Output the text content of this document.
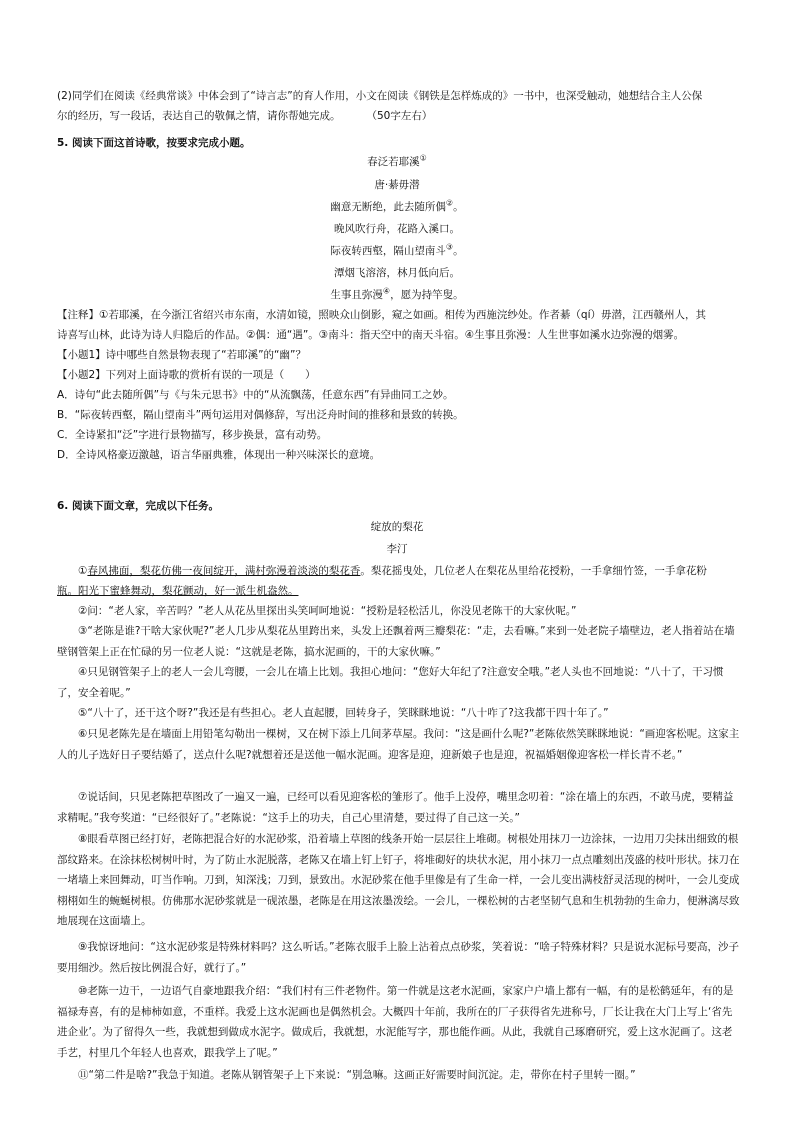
(2)同学们在阅读《经典常谈》中体会到了“诗言志”的育人作用，小文在阅读《钢铁是怎样炼成的》一书中，也深受触动，她想结合主人公保
尔的经历，写一段话，表达自己的敬佩之情，请你帮她完成。 （50字左右）
5. 阅读下面这首诗歌，按要求完成小题。
春泛若耶溪①
唐·綦毋潜
幽意无断绝，此去随所偶②。
晚风吹行舟，花路入溪口。
际夜转西壑，隔山望南斗③。
潭烟飞溶溶，林月低向后。
生事且弥漫④，愿为持竿叟。
【注释】①若耶溪，在今浙江省绍兴市东南，水清如镜，照映众山倒影，窥之如画。相传为西施浣纱处。作者綦（qí）毋潜，江西赣州人，其
诗喜写山林，此诗为诗人归隐后的作品。②偶：通“遇”。③南斗：指天空中的南天斗宿。④生事且弥漫：人生世事如溪水边弥漫的烟雾。
【小题1】诗中哪些自然景物表现了“若耶溪”的“幽”？
【小题2】下列对上面诗歌的赏析有误的一项是（　　）
A．诗句“此去随所偶”与《与朱元思书》中的“从流飘荡，任意东西”有异曲同工之妙。
B．“际夜转西壑，隔山望南斗”两句运用对偶修辞，写出泛舟时间的推移和景致的转换。
C．全诗紧扣“泛”字进行景物描写，移步换景，富有动势。
D．全诗风格豪迈激越，语言华丽典雅，体现出一种兴味深长的意境。
6. 阅读下面文章，完成以下任务。
绽放的梨花
李汀
①春风拂面，梨花仿佛一夜间绽开，满村弥漫着淡淡的梨花香。梨花摇曳处，几位老人在梨花丛里给花授粉，一手拿细竹签，一手拿花粉
瓶。阳光下蜜蜂舞动，梨花颤动，好一派生机盎然。
②问：“老人家，辛苦吗？”老人从花丛里探出头笑呵呵地说：“授粉是轻松活儿，你没见老陈干的大家伙呢。”
③“老陈是谁?干啥大家伙呢?”老人几步从梨花丛里跨出来，头发上还飘着两三瓣梨花：“走，去看嘛。”来到一处老院子墙壁边，老人指着站在墙壁钢管架上正在忙碌的另一位老人说：“这就是老陈，搞水泥画的，干的大家伙嘛。”
④只见钢管架子上的老人一会儿弯腰，一会儿在墙上比划。我担心地问：“您好大年纪了?注意安全哦。”老人头也不回地说：“八十了，干习惯了，安全着呢。”
⑤“八十了，还干这个呀?”我还是有些担心。老人直起腰，回转身子，笑眯眯地说：“八十咋了?这我都干四十年了。”
⑥只见老陈先是在墙面上用铅笔勾勒出一棵树，又在树下添上几间茅草屋。我问：“这是画什么呢?”老陈依然笑眯眯地说：“画迎客松呢。这家主人的儿子选好日子要结婚了，送点什么呢?就想着还是送他一幅水泥画。迎客是迎，迎新娘子也是迎，祝福婚姻像迎客松一样长青不老。”
⑦说话间，只见老陈把草图改了一遍又一遍，已经可以看见迎客松的雏形了。他手上没停，嘴里念叨着：“涂在墙上的东西，不敢马虎，要精益求精呢。”我夸奖道：“已经很好了。”老陈说：“这手上的功夫，自己心里清楚，要过得了自己这一关。”
⑧眼看草图已经打好，老陈把混合好的水泥砂浆，沿着墙上草图的线条开始一层层往上堆砌。树根处用抹刀一边涂抹，一边用刀尖抹出细致的根部纹路来。在涂抹松树树叶时，为了防止水泥脱落，老陈又在墙上钉上钉子，将堆砌好的块状水泥，用小抹刀一点点雕刻出茂盛的枝叶形状。抹刀在一堵墙上来回舞动，叮当作响。刀到，知深浅；刀到，景致出。水泥砂浆在他手里像是有了生命一样，一会儿变出满枝舒灵活现的树叶，一会儿变成栩栩如生的蜿蜒树根。仿佛那水泥砂浆就是一砚浓墨，老陈是在用这浓墨泼绘。一会儿，一棵松树的古老坚韧气息和生机勃勃的生命力，便淋漓尽致地展现在这面墙上。
⑨我惊讶地问：“这水泥砂浆是特殊材料吗？这么听话。”老陈衣服手上脸上沾着点点砂浆，笑着说：“啥子特殊材料？只是说水泥标号要高，沙子要用细沙。然后按比例混合好，就行了。”
⑩老陈一边干，一边语气自豪地跟我介绍：“我们村有三件老物件。第一件就是这老水泥画，家家户户墙上都有一幅，有的是松鹤延年，有的是福禄寿喜，有的是柿柿如意，不重样。我爱上这水泥画也是偶然机会。大概四十年前，我所在的厂子获得省先进称号，厂长让我在大门上写上‘省先进企业’。为了留得久一些，我就想到做成水泥字。做成后，我就想，水泥能写字，那也能作画。从此，我就自己琢磨研究，爱上这水泥画了。这老手艺，村里几个年轻人也喜欢，跟我学上了呢。”
⑪“第二件是啥?”我急于知道。老陈从钢管架子上下来说：“别急嘛。这画正好需要时间沉淀。走，带你在村子里转一圈。”
